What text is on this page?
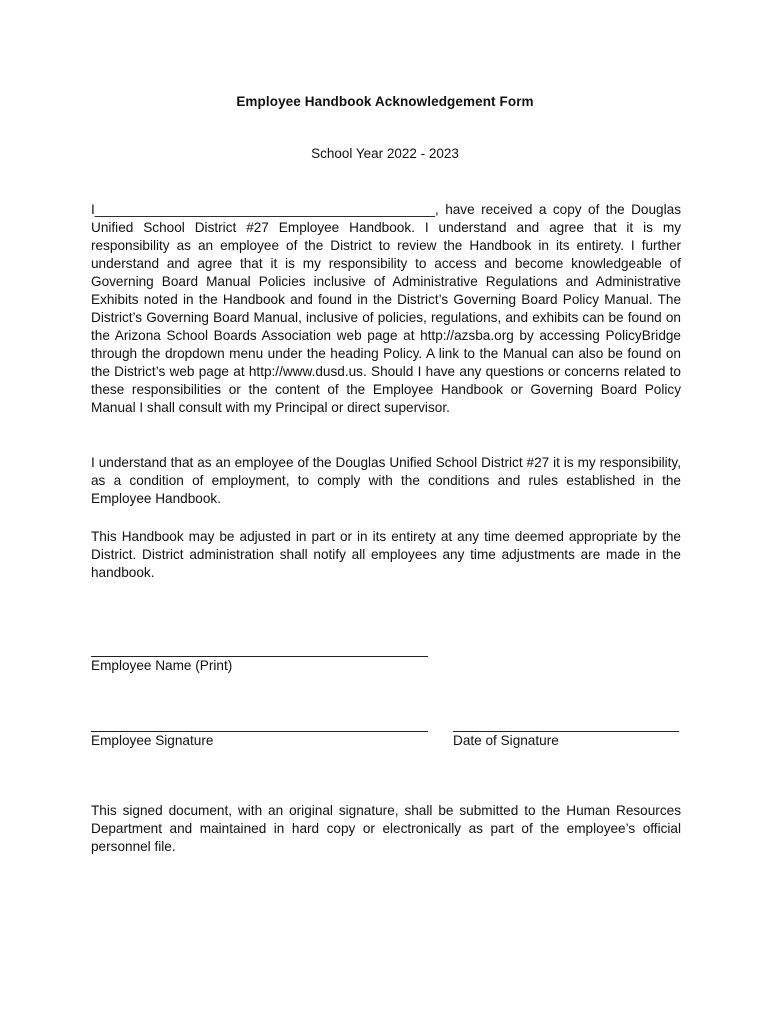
Employee Handbook Acknowledgement Form
School Year 2022 - 2023

I_____________________________________________, have received a copy of the Douglas Unified School District #27 Employee Handbook. I understand and agree that it is my responsibility as an employee of the District to review the Handbook in its entirety. I further understand and agree that it is my responsibility to access and become knowledgeable of Governing Board Manual Policies inclusive of Administrative Regulations and Administrative Exhibits noted in the Handbook and found in the District’s Governing Board Policy Manual. The District’s Governing Board Manual, inclusive of policies, regulations, and exhibits can be found on the Arizona School Boards Association web page at http://azsba.org by accessing PolicyBridge through the dropdown menu under the heading Policy. A link to the Manual can also be found on the District’s web page at http://www.dusd.us. Should I have any questions or concerns related to these responsibilities or the content of the Employee Handbook or Governing Board Policy Manual I shall consult with my Principal or direct supervisor.

I understand that as an employee of the Douglas Unified School District #27 it is my responsibility, as a condition of employment, to comply with the conditions and rules established in the Employee Handbook.

This Handbook may be adjusted in part or in its entirety at any time deemed appropriate by the District. District administration shall notify all employees any time adjustments are made in the handbook.

Employee Name (Print)
Employee Signature	Date of Signature

This signed document, with an original signature, shall be submitted to the Human Resources Department and maintained in hard copy or electronically as part of the employee’s official personnel file.
